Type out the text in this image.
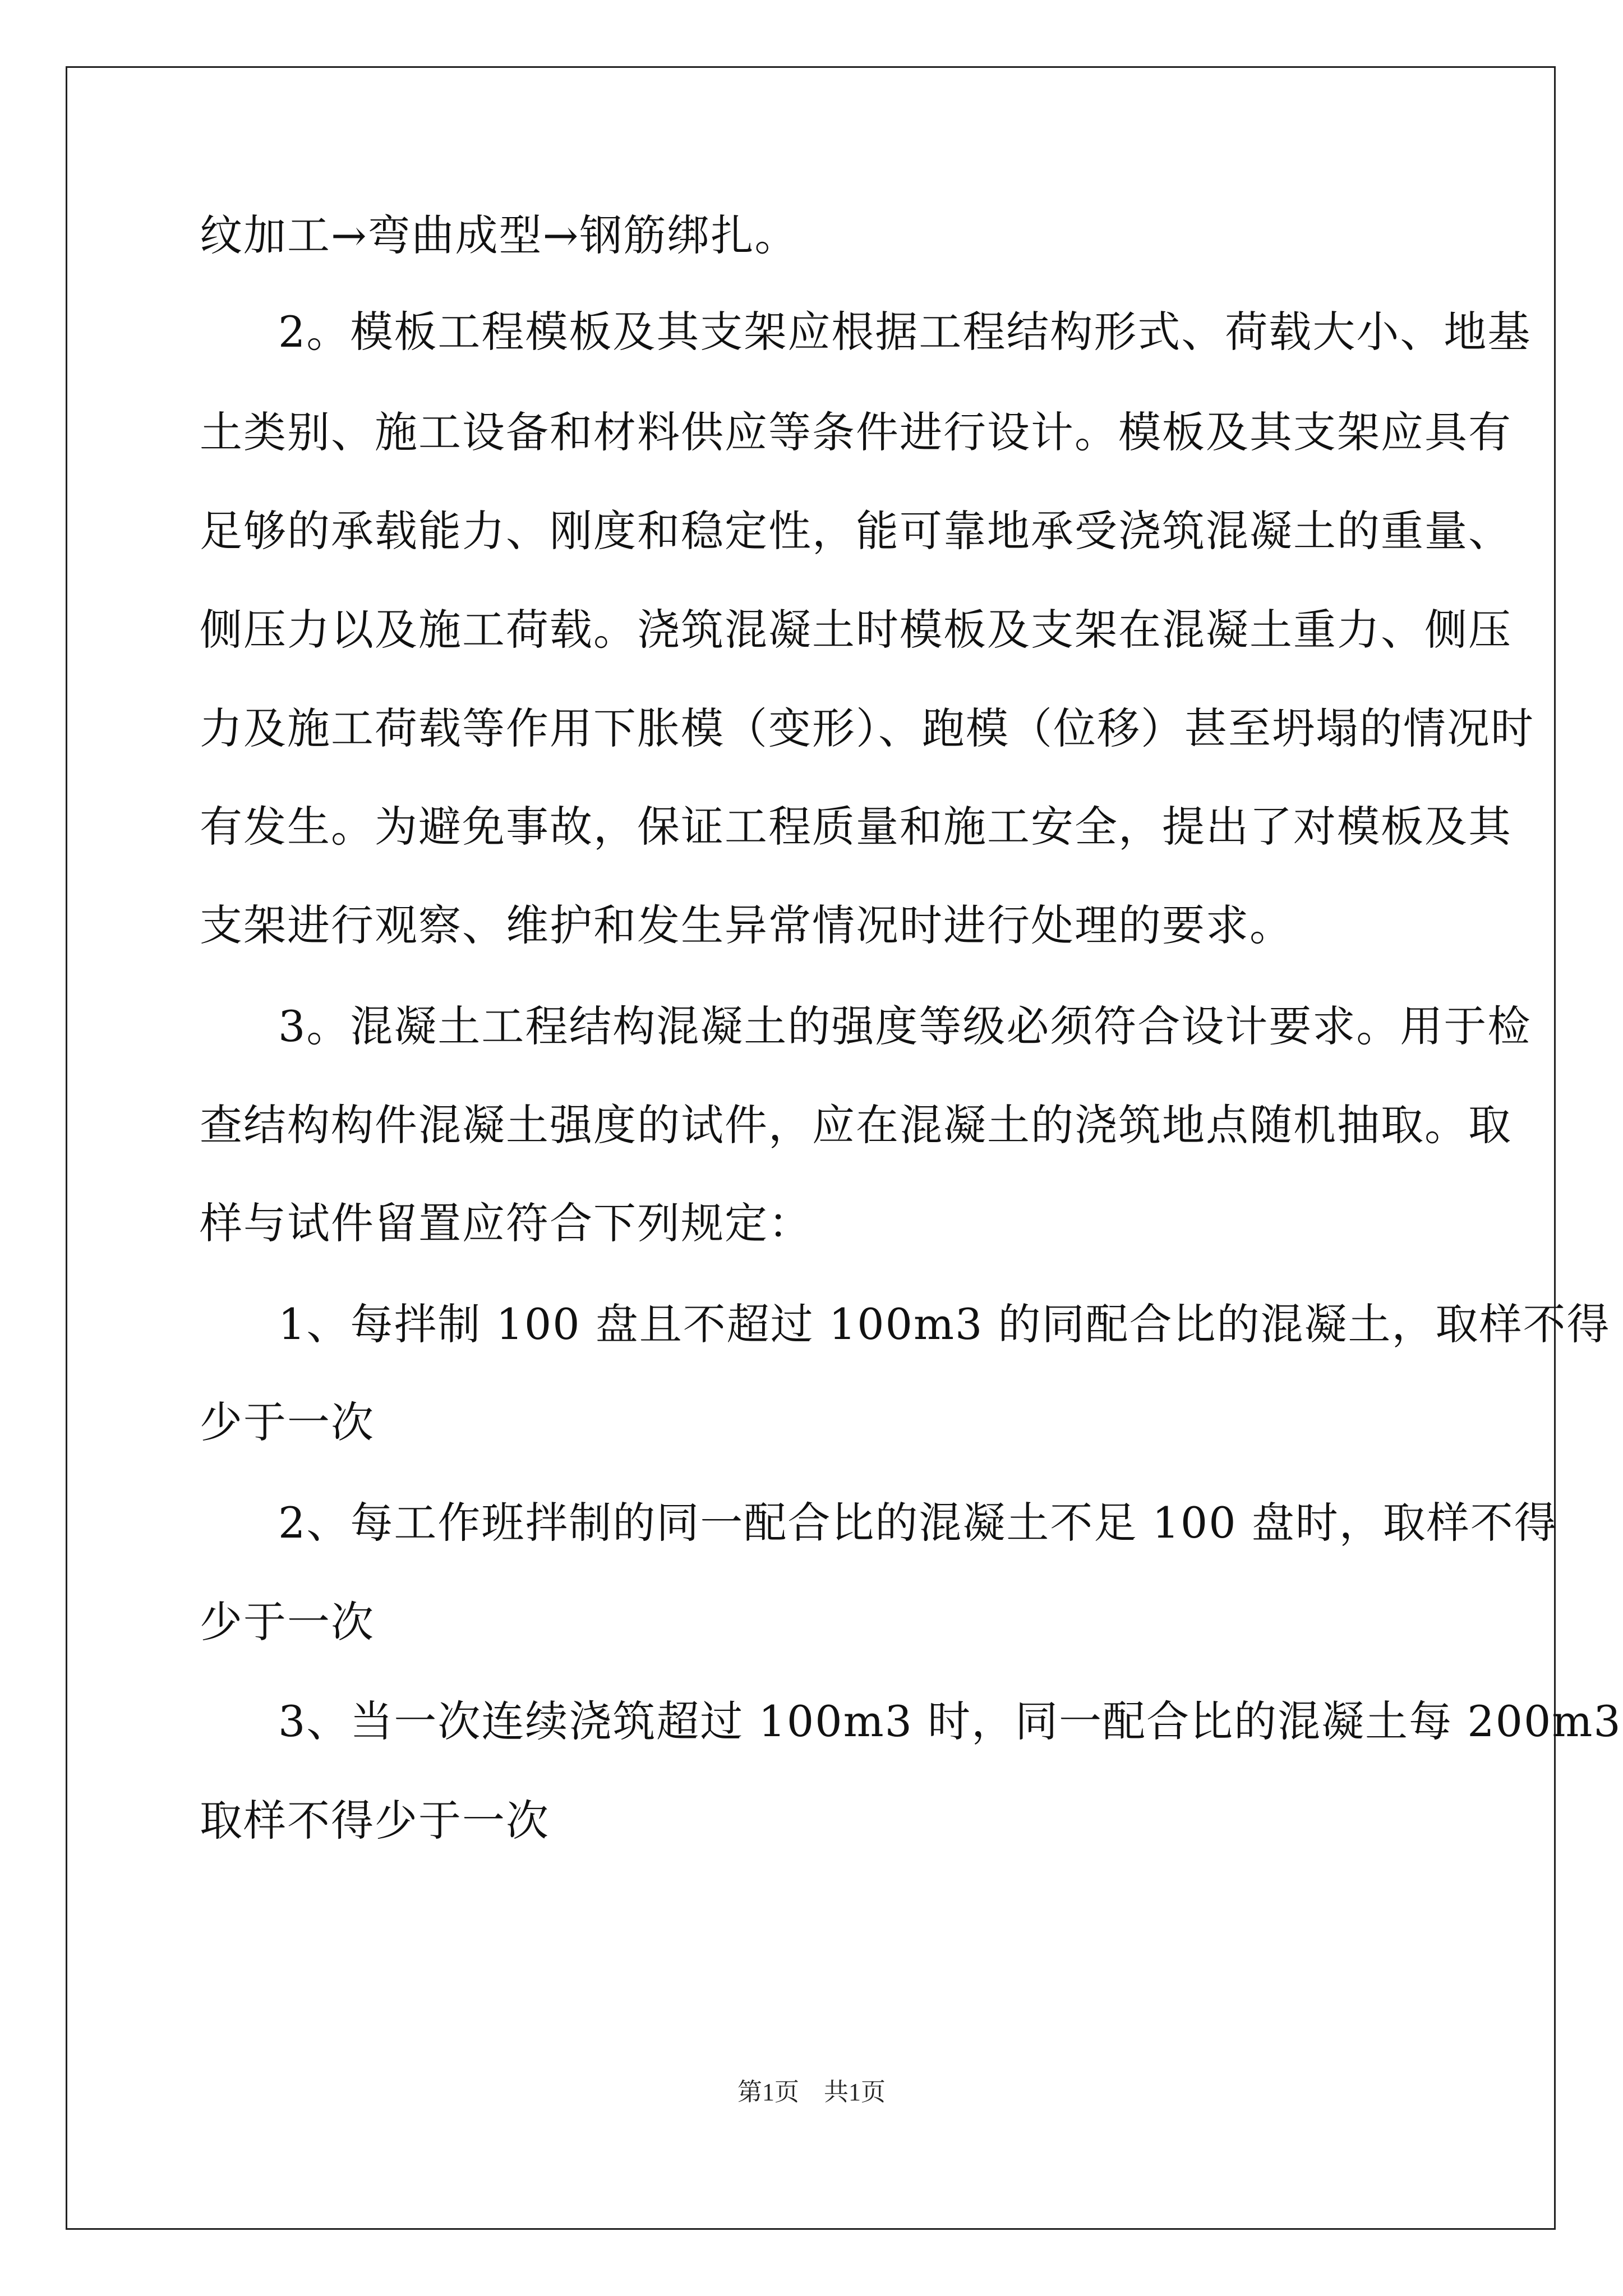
纹加工→弯曲成型→钢筋绑扎。
2。模板工程模板及其支架应根据工程结构形式、荷载大小、地基
土类别、施工设备和材料供应等条件进行设计。模板及其支架应具有
足够的承载能力、刚度和稳定性，能可靠地承受浇筑混凝土的重量、
侧压力以及施工荷载。浇筑混凝土时模板及支架在混凝土重力、侧压
力及施工荷载等作用下胀模（变形）、跑模（位移）甚至坍塌的情况时
有发生。为避免事故，保证工程质量和施工安全，提出了对模板及其
支架进行观察、维护和发生异常情况时进行处理的要求。
3。混凝土工程结构混凝土的强度等级必须符合设计要求。用于检
查结构构件混凝土强度的试件，应在混凝土的浇筑地点随机抽取。取
样与试件留置应符合下列规定：
1、每拌制 100 盘且不超过 100m3 的同配合比的混凝土，取样不得
少于一次
2、每工作班拌制的同一配合比的混凝土不足 100 盘时，取样不得
少于一次
3、当一次连续浇筑超过 100m3 时，同一配合比的混凝土每 200m3
取样不得少于一次
第1页　共1页
